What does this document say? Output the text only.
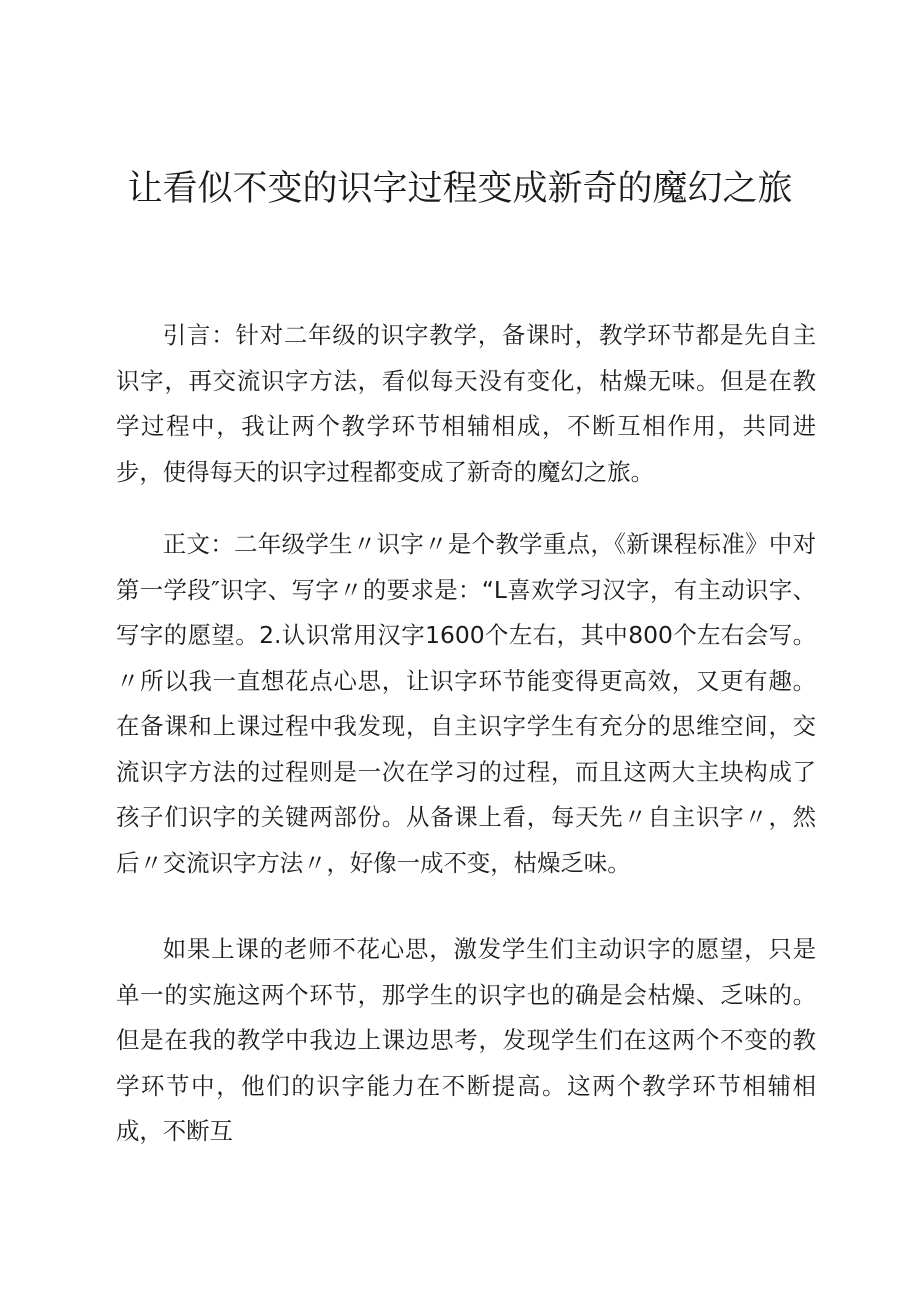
让看似不变的识字过程变成新奇的魔幻之旅

引言：针对二年级的识字教学，备课时，教学环节都是先自主识字，再交流识字方法，看似每天没有变化，枯燥无味。但是在教学过程中，我让两个教学环节相辅相成，不断互相作用，共同进步，使得每天的识字过程都变成了新奇的魔幻之旅。

正文：二年级学生〃识字〃是个教学重点，《新课程标准》中对第一学段″识字、写字〃的要求是：“L喜欢学习汉字，有主动识字、写字的愿望。2.认识常用汉字1600个左右，其中800个左右会写。〃所以我一直想花点心思，让识字环节能变得更高效，又更有趣。在备课和上课过程中我发现，自主识字学生有充分的思维空间，交流识字方法的过程则是一次在学习的过程，而且这两大主块构成了孩子们识字的关键两部份。从备课上看，每天先〃自主识字〃，然后〃交流识字方法〃，好像一成不变，枯燥乏味。

如果上课的老师不花心思，激发学生们主动识字的愿望，只是单一的实施这两个环节，那学生的识字也的确是会枯燥、乏味的。但是在我的教学中我边上课边思考，发现学生们在这两个不变的教学环节中，他们的识字能力在不断提高。这两个教学环节相辅相成，不断互
